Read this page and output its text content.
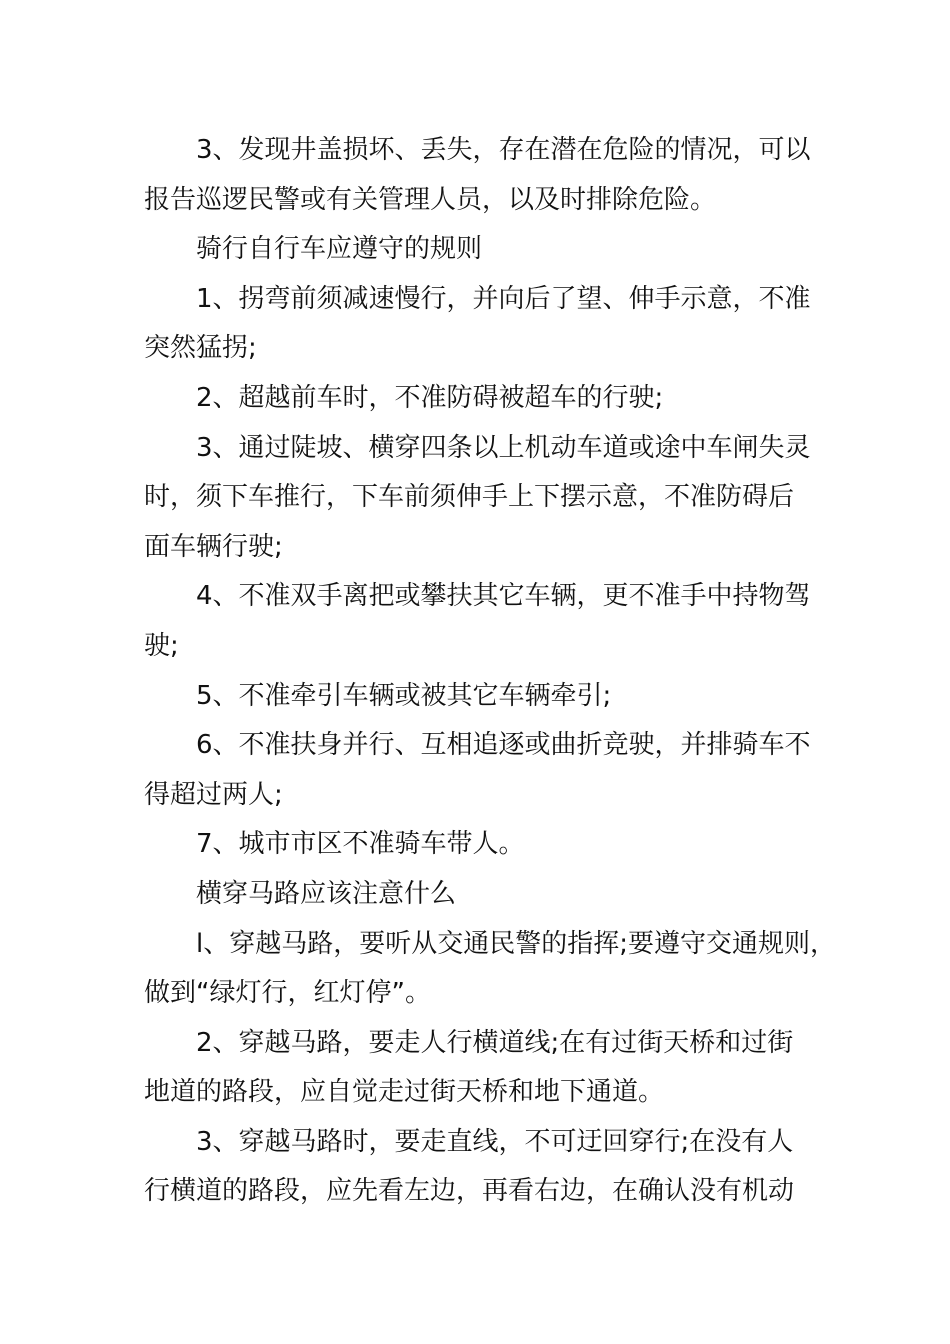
3、发现井盖损坏、丢失，存在潜在危险的情况，可以
报告巡逻民警或有关管理人员，以及时排除危险。

骑行自行车应遵守的规则

1、拐弯前须减速慢行，并向后了望、伸手示意，不准
突然猛拐;

2、超越前车时，不准防碍被超车的行驶;

3、通过陡坡、横穿四条以上机动车道或途中车闸失灵
时，须下车推行，下车前须伸手上下摆示意，不准防碍后
面车辆行驶;

4、不准双手离把或攀扶其它车辆，更不准手中持物驾
驶;

5、不准牵引车辆或被其它车辆牵引;

6、不准扶身并行、互相追逐或曲折竞驶，并排骑车不
得超过两人;

7、城市市区不准骑车带人。

横穿马路应该注意什么

l、穿越马路，要听从交通民警的指挥;要遵守交通规则，
做到“绿灯行，红灯停”。

2、穿越马路，要走人行横道线;在有过街天桥和过街
地道的路段，应自觉走过街天桥和地下通道。

3、穿越马路时，要走直线，不可迂回穿行;在没有人
行横道的路段，应先看左边，再看右边，在确认没有机动
